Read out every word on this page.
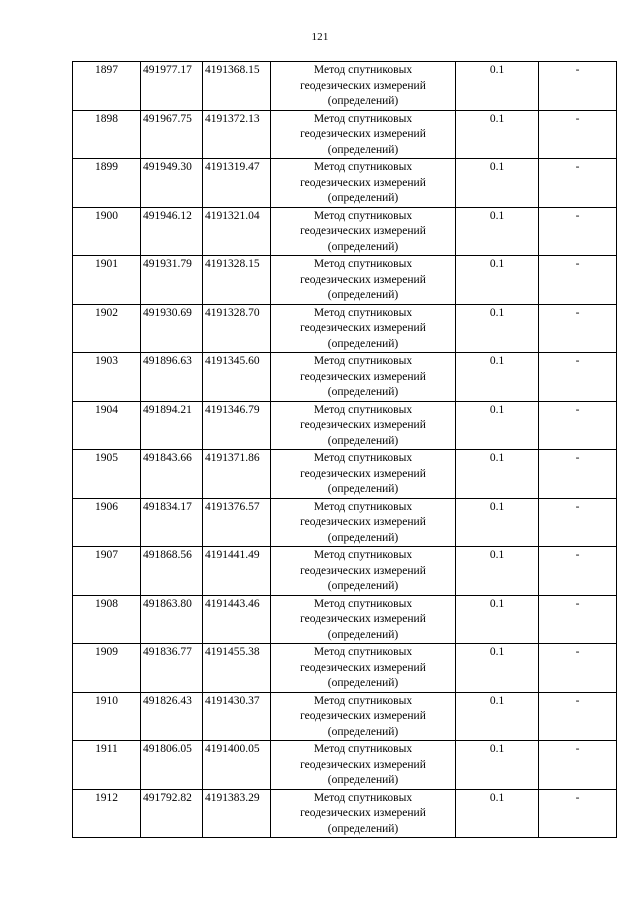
121
1897	491977.17	4191368.15	Метод спутниковых
геодезических измерений
(определений)	0.1	-
1898	491967.75	4191372.13	Метод спутниковых
геодезических измерений
(определений)	0.1	-
1899	491949.30	4191319.47	Метод спутниковых
геодезических измерений
(определений)	0.1	-
1900	491946.12	4191321.04	Метод спутниковых
геодезических измерений
(определений)	0.1	-
1901	491931.79	4191328.15	Метод спутниковых
геодезических измерений
(определений)	0.1	-
1902	491930.69	4191328.70	Метод спутниковых
геодезических измерений
(определений)	0.1	-
1903	491896.63	4191345.60	Метод спутниковых
геодезических измерений
(определений)	0.1	-
1904	491894.21	4191346.79	Метод спутниковых
геодезических измерений
(определений)	0.1	-
1905	491843.66	4191371.86	Метод спутниковых
геодезических измерений
(определений)	0.1	-
1906	491834.17	4191376.57	Метод спутниковых
геодезических измерений
(определений)	0.1	-
1907	491868.56	4191441.49	Метод спутниковых
геодезических измерений
(определений)	0.1	-
1908	491863.80	4191443.46	Метод спутниковых
геодезических измерений
(определений)	0.1	-
1909	491836.77	4191455.38	Метод спутниковых
геодезических измерений
(определений)	0.1	-
1910	491826.43	4191430.37	Метод спутниковых
геодезических измерений
(определений)	0.1	-
1911	491806.05	4191400.05	Метод спутниковых
геодезических измерений
(определений)	0.1	-
1912	491792.82	4191383.29	Метод спутниковых
геодезических измерений
(определений)	0.1	-
